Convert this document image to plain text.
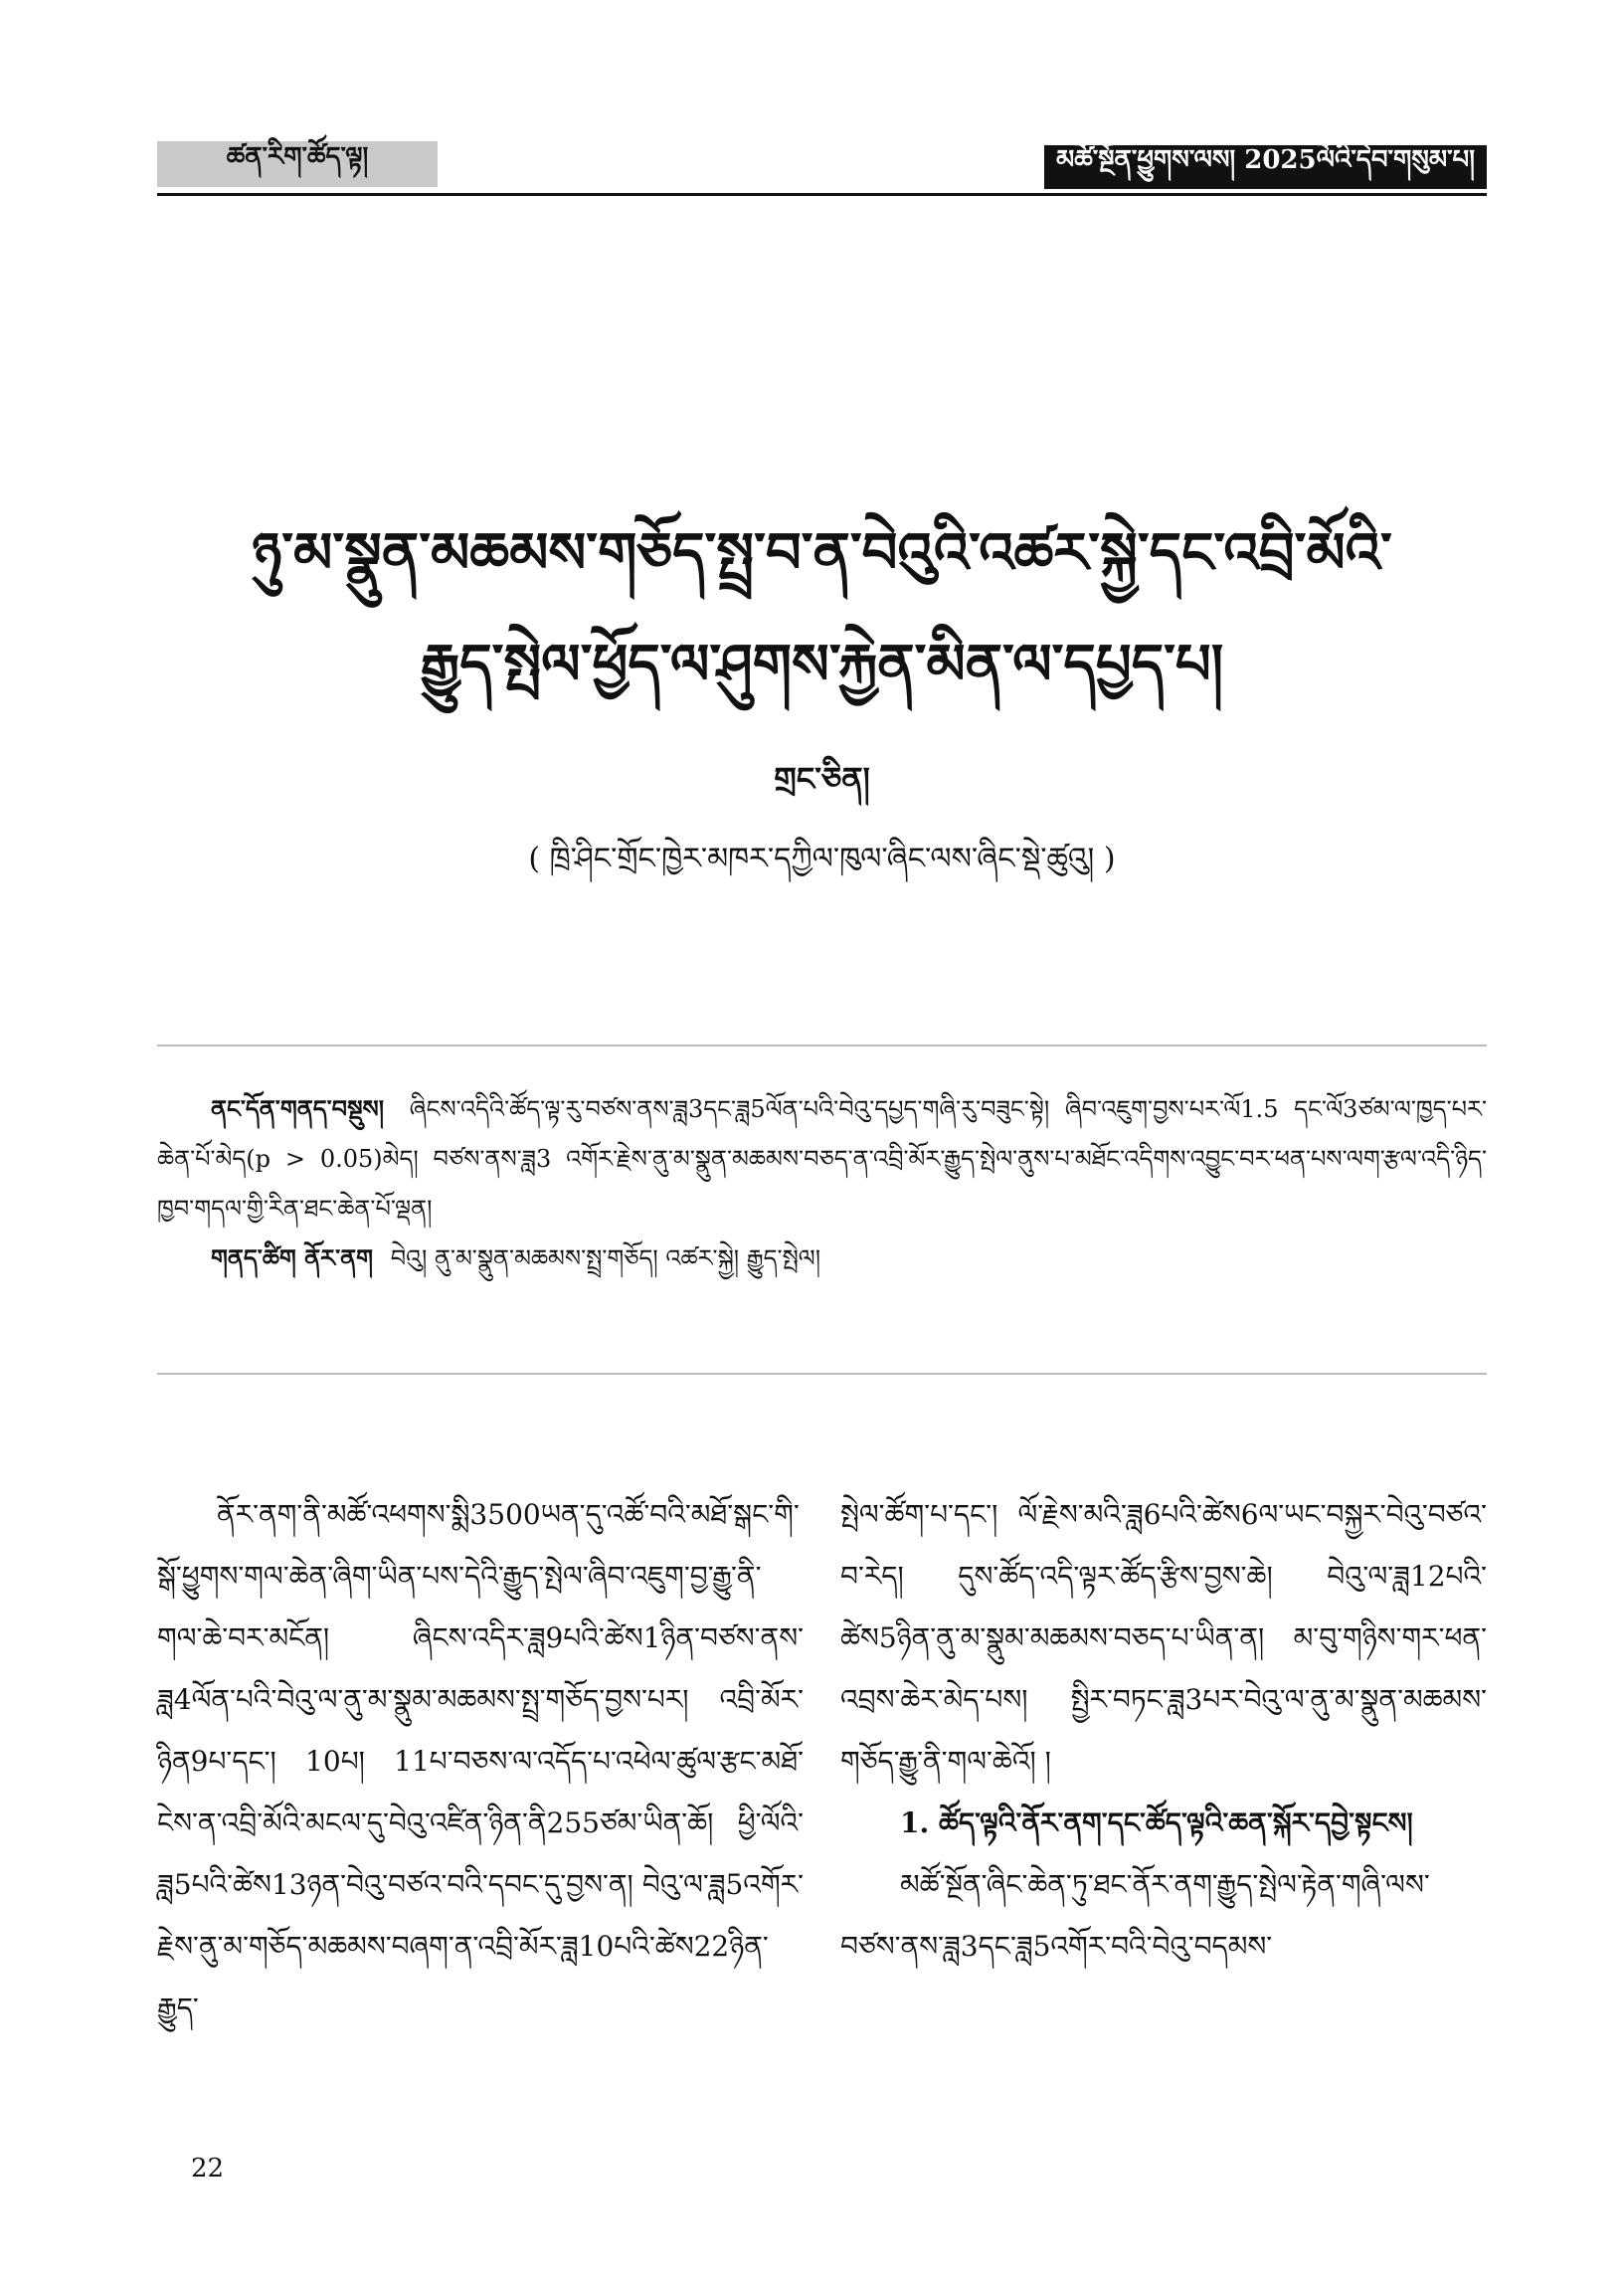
ཚན་རིག་ཚོད་ལྟ།	མཚོ་སྔོན་ཕྱུགས་ལས། 2025ལོའི་དེབ་གསུམ་པ།
ཉུ་མ་སྣུན་མཆམས་གཅོད་སྤྲ་བ་ན་བེའུའི་འཚར་སྐྱེ་དང་འབྲི་མོའི་
རྒྱུད་སྤེལ་ཕྱོད་ལ་ཤུགས་རྐྱེན་མིན་ལ་དཔྱད་པ།
གྲང་ཅིན།
( ཁྲི་ཤིང་གྲོང་ཁྱེར་མཁར་དཀྱིལ་ཁུལ་ཞིང་ལས་ཞིང་སྡེ་ཚུའུ། )

ནང་དོན་གནད་བསྡུས། ཞིངས་འདིའི་ཚོད་ལྟ་རུ་བཙས་ནས་ཟླ3དང་ཟླ5ལོན་པའི་བེའུ་དཔྱད་གཞི་རུ་བཟུང་སྟེ། ཞིབ་འཇུག་བྱས་པར་ལོ1.5 དང་ལོ3ཙམ་ལ་ཁྱད་པར་ཆེན་པོ་མེད(p > 0.05)མེད། བཙས་ནས་ཟླ3 འགོར་རྗེས་ནུ་མ་སྣུན་མཆམས་བཅད་ན་འབྲི་མོར་རྒྱུད་སྤེལ་ནུས་པ་མཐོང་འདིགས་འབྱུང་བར་ཕན་པས་ལག་རྩལ་འདི་ཉིད་ཁྱབ་གདལ་གྱི་རིན་ཐང་ཆེན་པོ་ལྡན།

གནད་ཚིག ནོར་ནག བེའུ། ནུ་མ་སྣུན་མཆམས་སྤྲ་གཅོད། འཚར་སྐྱེ། རྒྱུད་སྤེལ།

ནོར་ནག་ནི་མཚོ་འཕགས་སྨི3500ཡན་དུ་འཚོ་བའི་མཐོ་སྒང་གི་སྒོ་ཕྱུགས་གལ་ཆེན་ཞིག་ཡིན་པས་དེའི་རྒྱུད་སྤེལ་ཞིབ་འཇུག་བྱ་རྒྱུ་ནི་གལ་ཆེ་བར་མངོན། ཞིངས་འདིར་ཟླ9པའི་ཚེས1ཉིན་བཙས་ནས་ཟླ4ལོན་པའི་བེའུ་ལ་ནུ་མ་སྣུམ་མཆམས་སྤྲ་གཅོད་བྱས་པར། འབྲི་མོར་ཉིན9པ་དང་། 10པ། 11པ་བཅས་ལ་འདོད་པ་འཕེལ་ཚུལ་རྩང་མཐོ་ངེས་ན་འབྲི་མོའི་མངལ་དུ་བེའུ་འཛིན་ཉིན་ནི255ཙམ་ཡིན་ཆོ། ཕྱི་ལོའི་ཟླ5པའི་ཚེས13ཉན་བེའུ་བཙའ་བའི་དབང་དུ་བྱས་ན། བེའུ་ལ་ཟླ5འགོར་རྗེས་ནུ་མ་གཅོད་མཆམས་བཞག་ན་འབྲི་མོར་ཟླ10པའི་ཚེས22ཉིན་རྒྱུད་

སྤེལ་ཚོག་པ་དང་། ལོ་རྗེས་མའི་ཟླ6པའི་ཚེས6ལ་ཡང་བསྐྱར་བེའུ་བཙའ་བ་རེད། དུས་ཚོད་འདི་ལྟར་ཚོད་རྩིས་བྱས་ཆེ། བེའུ་ལ་ཟླ12པའི་ཚེས5ཉིན་ནུ་མ་སྣུམ་མཆམས་བཅད་པ་ཡིན་ན། མ་བུ་གཉིས་གར་ཕན་འབྲས་ཆེར་མེད་པས། སྤྱིར་བཏང་ཟླ3པར་བེའུ་ལ་ནུ་མ་སྣུན་མཆམས་གཅོད་རྒྱུ་ནི་གལ་ཆེའོ། །

1. ཚོད་ལྟའི་ནོར་ནག་དང་ཚོད་ལྟའི་ཆན་སྐོར་དབྱེ་སྟངས།

མཚོ་སྔོན་ཞིང་ཆེན་ཏུ་ཐང་ནོར་ནག་རྒྱུད་སྤེལ་རྟེན་གཞི་ལས་བཙས་ནས་ཟླ3དང་ཟླ5འགོར་བའི་བེའུ་བདམས་

22
